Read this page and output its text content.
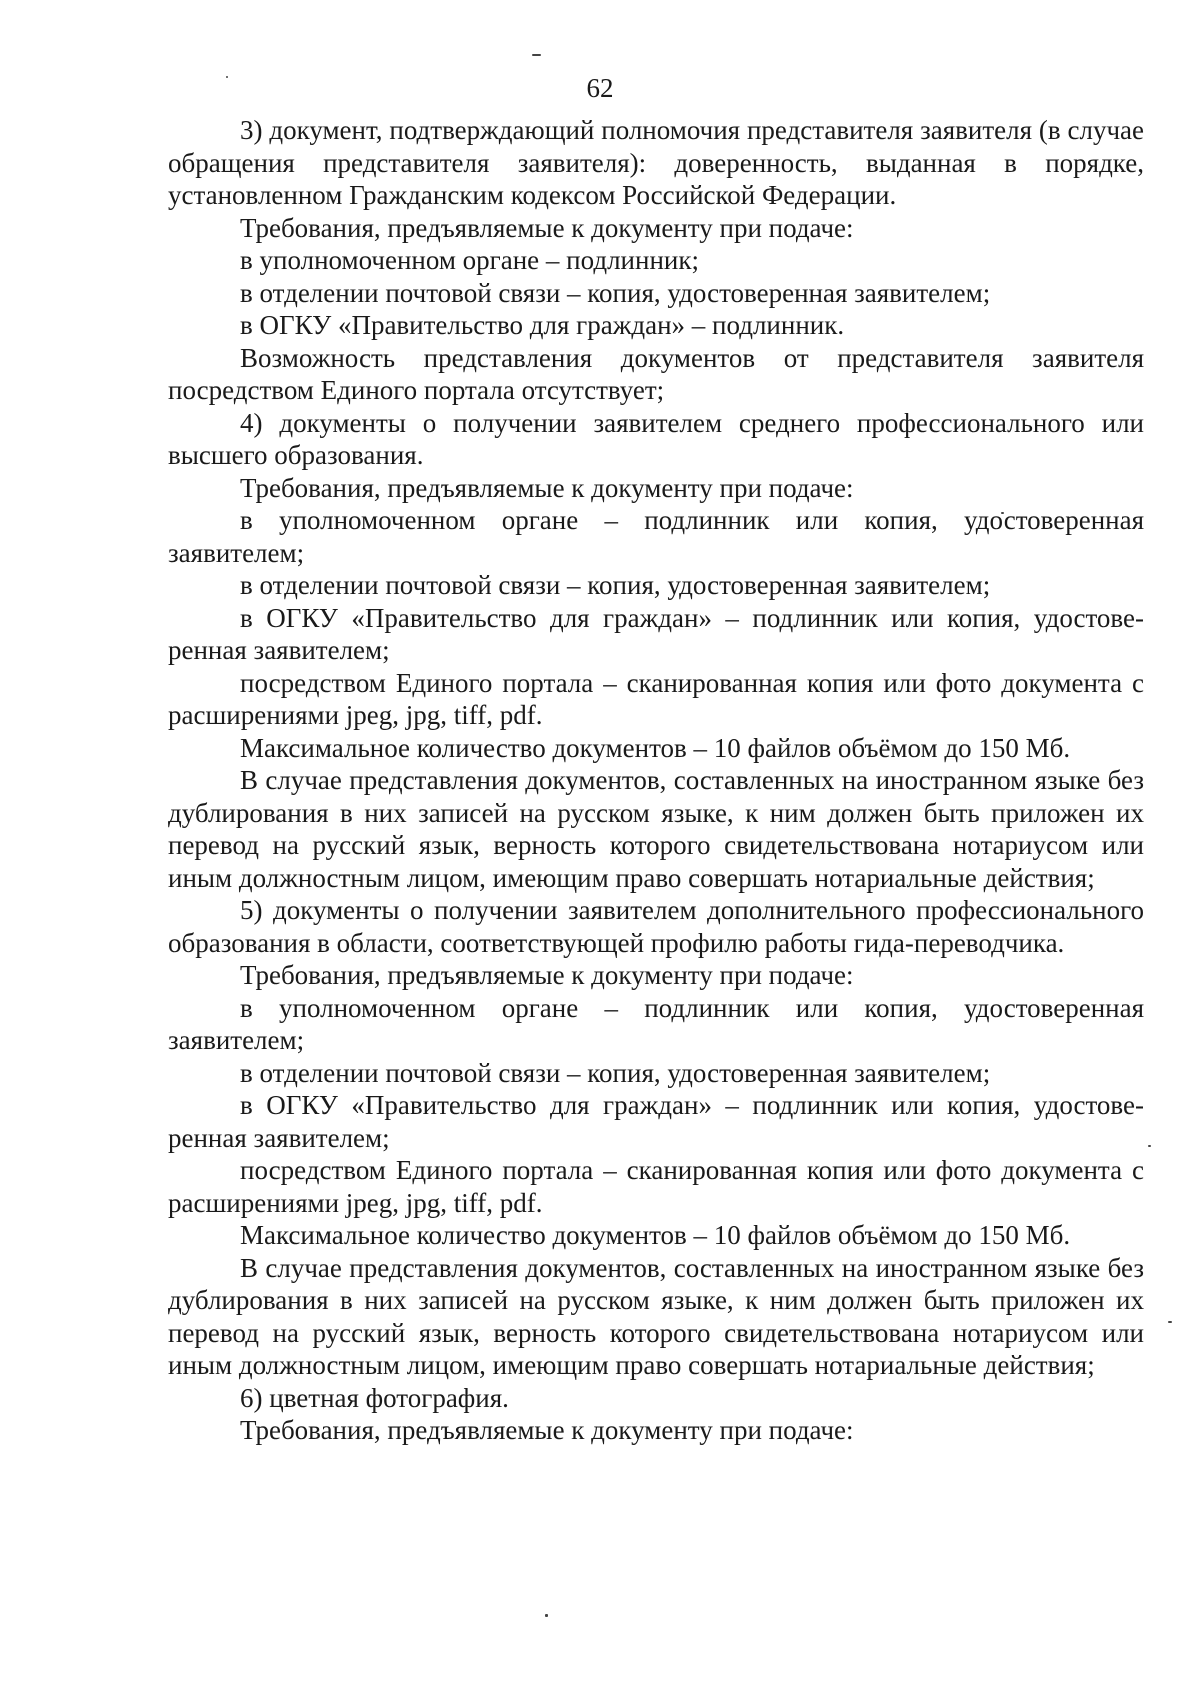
62

3) документ, подтверждающий полномочия представителя заявителя (в случае обращения представителя заявителя): доверенность, выданная в порядке, установленном Гражданским кодексом Российской Федерации.

Требования, предъявляемые к документу при подаче:

в уполномоченном органе – подлинник;

в отделении почтовой связи – копия, удостоверенная заявителем;

в ОГКУ «Правительство для граждан» – подлинник.

Возможность представления документов от представителя заявителя посредством Единого портала отсутствует;

4) документы о получении заявителем среднего профессионального или высшего образования.

Требования, предъявляемые к документу при подаче:

в уполномоченном органе – подлинник или копия, удостоверенная заявителем;

в отделении почтовой связи – копия, удостоверенная заявителем;

в ОГКУ «Правительство для граждан» – подлинник или копия, удостоверенная заявителем;

посредством Единого портала – сканированная копия или фото документа с расширениями jpeg, jpg, tiff, pdf.

Максимальное количество документов – 10 файлов объёмом до 150 Мб.

В случае представления документов, составленных на иностранном языке без дублирования в них записей на русском языке, к ним должен быть приложен их перевод на русский язык, верность которого свидетельствована нотариусом или иным должностным лицом, имеющим право совершать нотариальные действия;

5) документы о получении заявителем дополнительного профессионального образования в области, соответствующей профилю работы гида-переводчика.

Требования, предъявляемые к документу при подаче:

в уполномоченном органе – подлинник или копия, удостоверенная заявителем;

в отделении почтовой связи – копия, удостоверенная заявителем;

в ОГКУ «Правительство для граждан» – подлинник или копия, удостоверенная заявителем;

посредством Единого портала – сканированная копия или фото документа с расширениями jpeg, jpg, tiff, pdf.

Максимальное количество документов – 10 файлов объёмом до 150 Мб.

В случае представления документов, составленных на иностранном языке без дублирования в них записей на русском языке, к ним должен быть приложен их перевод на русский язык, верность которого свидетельствована нотариусом или иным должностным лицом, имеющим право совершать нотариальные действия;

6) цветная фотография.

Требования, предъявляемые к документу при подаче:
